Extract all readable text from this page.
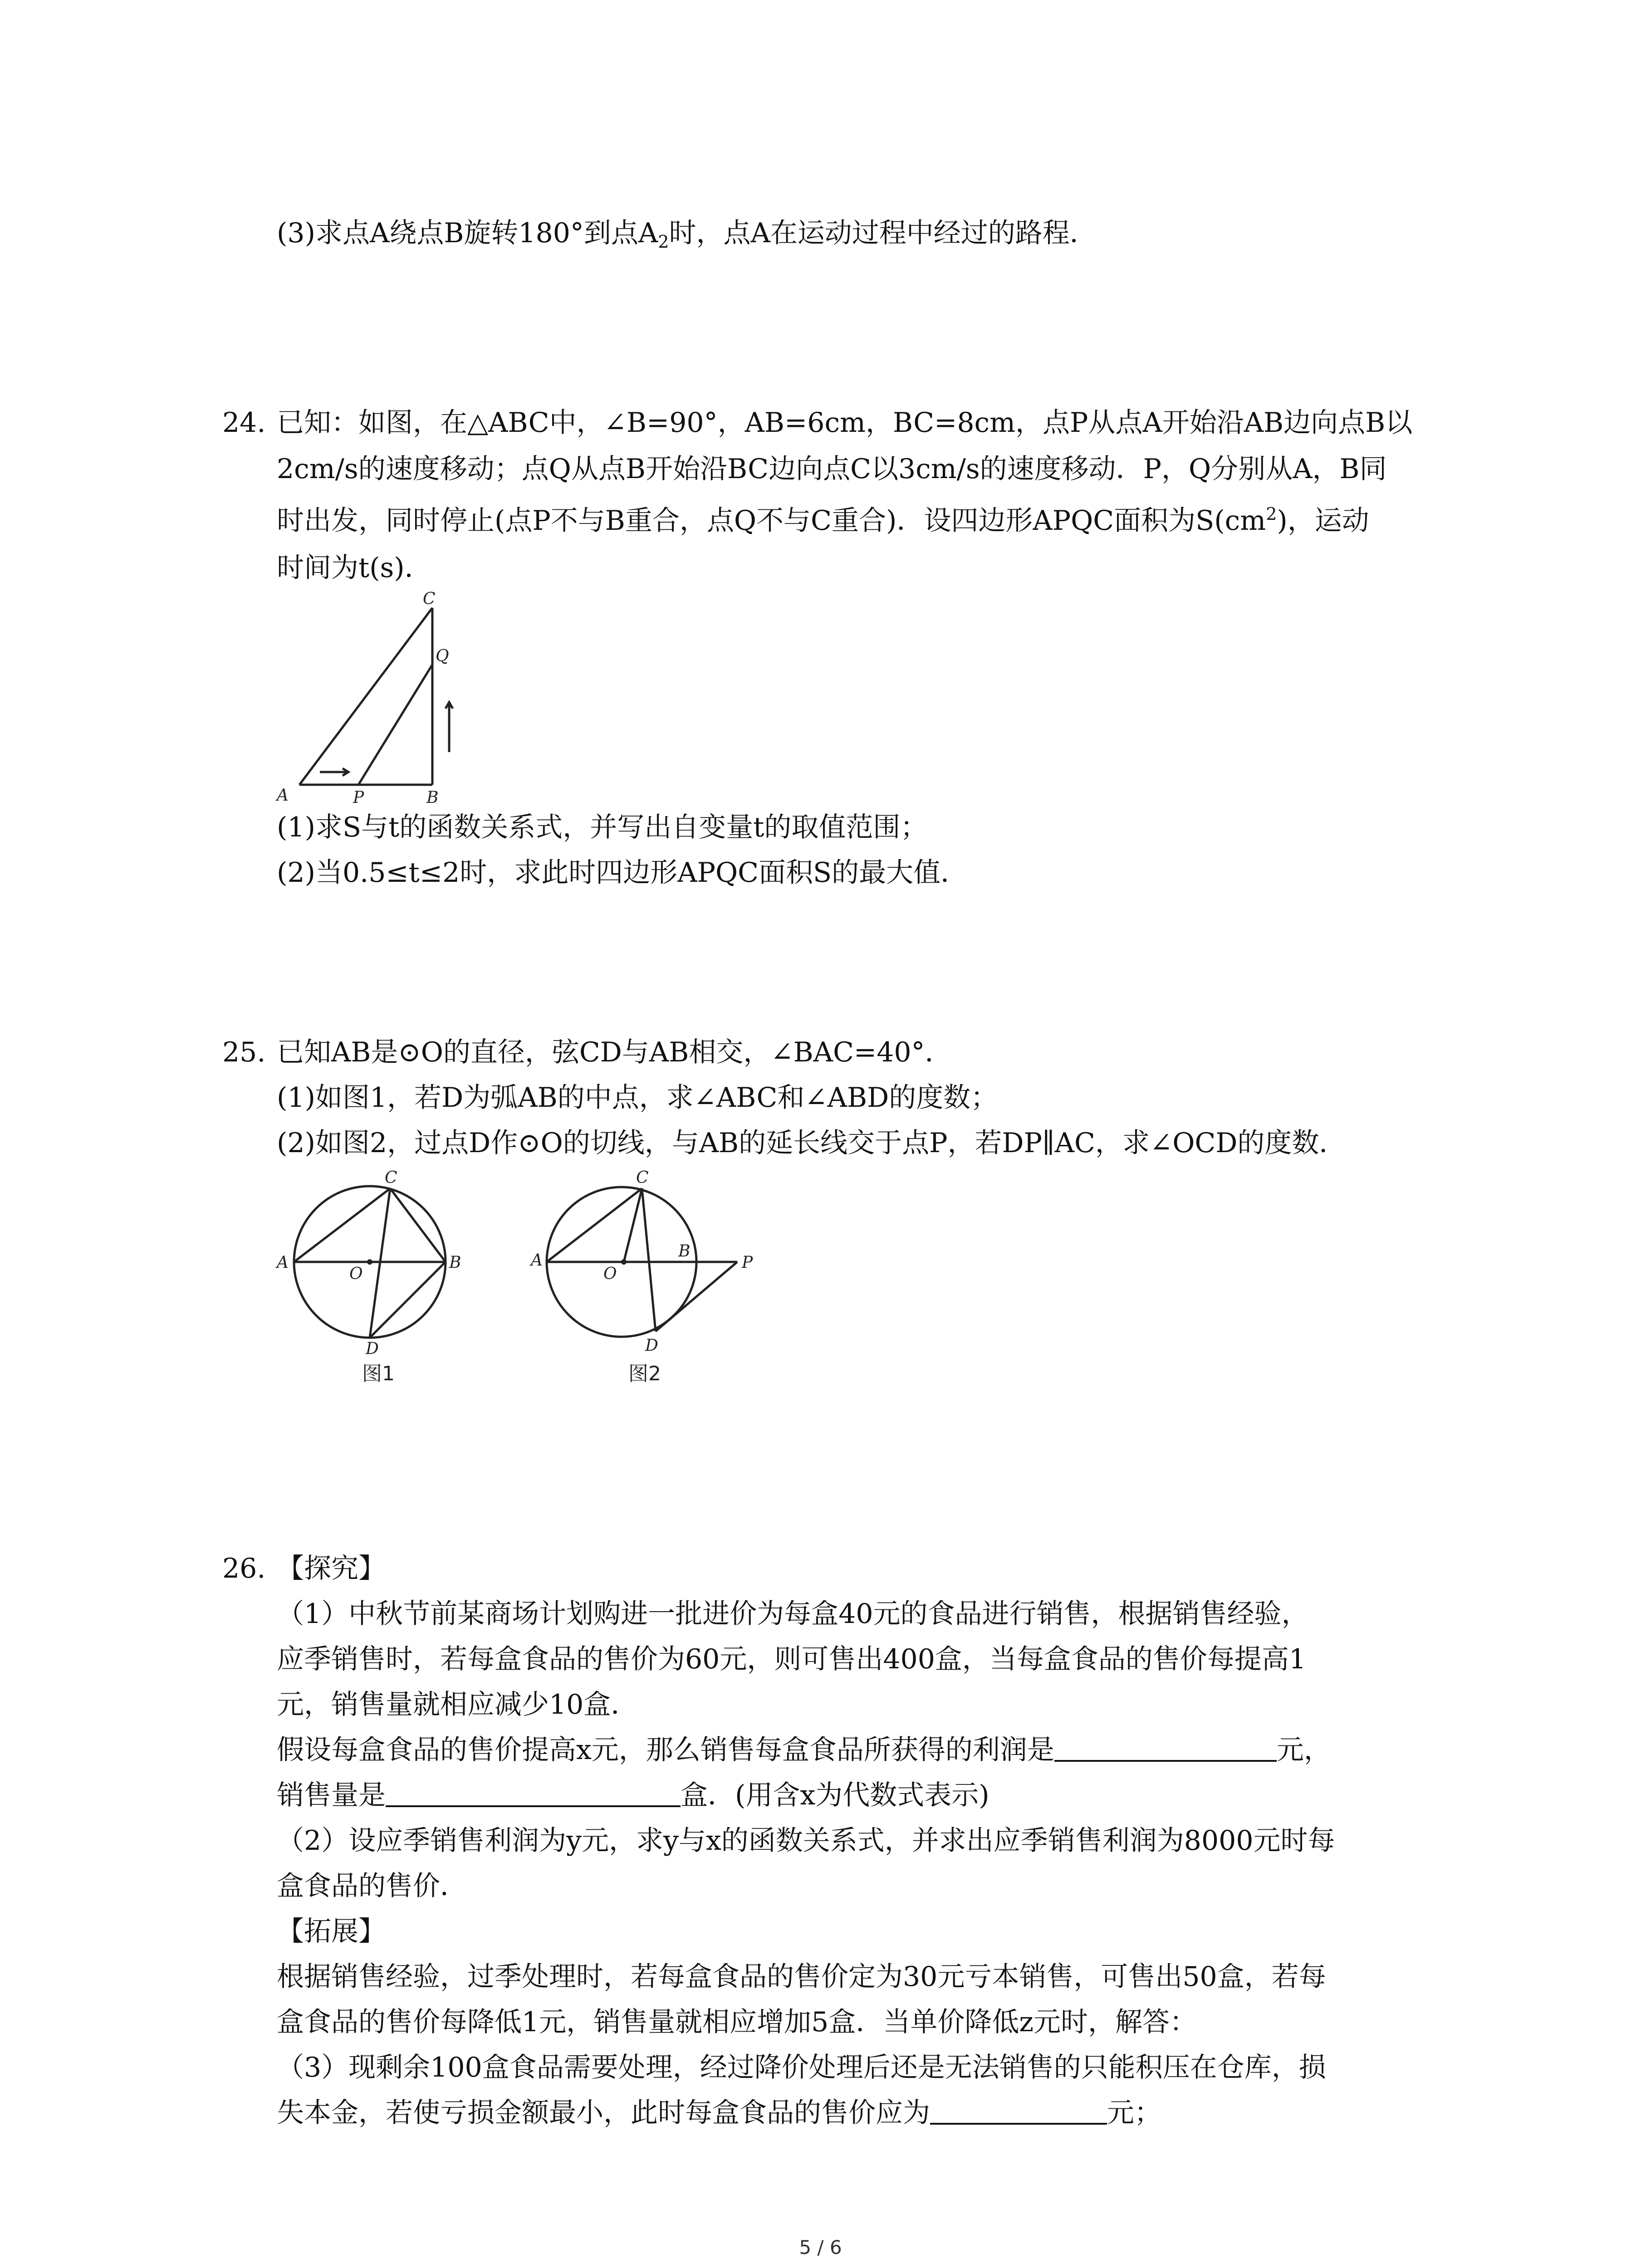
(3)求点A绕点B旋转180°到点$A_2$时，点A在运动过程中经过的路程．
24. 已知：如图，在△ABC中，∠B=90°，AB=6cm，BC=8cm，点P从点A开始沿AB边向点B以
2cm/s的速度移动；点Q从点B开始沿BC边向点C以3cm/s的速度移动．P，Q分别从A，B同
时出发，同时停止(点P不与B重合，点Q不与C重合)．设四边形APQC面积为$S(cm^2)$，运动
时间为t(s)．
A	P	B
Q
C
(1)求S与t的函数关系式，并写出自变量t的取值范围；
(2)当0.5≤t≤2时，求此时四边形APQC面积S的最大值．
25. 已知AB是⊙O的直径，弦CD与AB相交，∠BAC=40°．
(1)如图1，若D为弧AB的中点，求∠ABC和∠ABD的度数；
(2)如图2，过点D作⊙O的切线，与AB的延长线交于点P，若DP∥AC，求∠OCD的度数．
A	B
C
D
O
图1
A	B
C
D
O
P
图2
26. 【探究】
（1）中秋节前某商场计划购进一批进价为每盒40元的食品进行销售，根据销售经验，
应季销售时，若每盒食品的售价为60元，则可售出400盒，当每盒食品的售价每提高1
元，销售量就相应减少10盒．
假设每盒食品的售价提高x元，那么销售每盒食品所获得的利润是	元，
销售量是	盒．(用含x为代数式表示)
（2）设应季销售利润为y元，求y与x的函数关系式，并求出应季销售利润为8000元时每
盒食品的售价．
【拓展】
根据销售经验，过季处理时，若每盒食品的售价定为30元亏本销售，可售出50盒，若每
盒食品的售价每降低1元，销售量就相应增加5盒．当单价降低z元时，解答：
（3）现剩余100盒食品需要处理，经过降价处理后还是无法销售的只能积压在仓库，损
失本金，若使亏损金额最小，此时每盒食品的售价应为	元；
5 / 6
